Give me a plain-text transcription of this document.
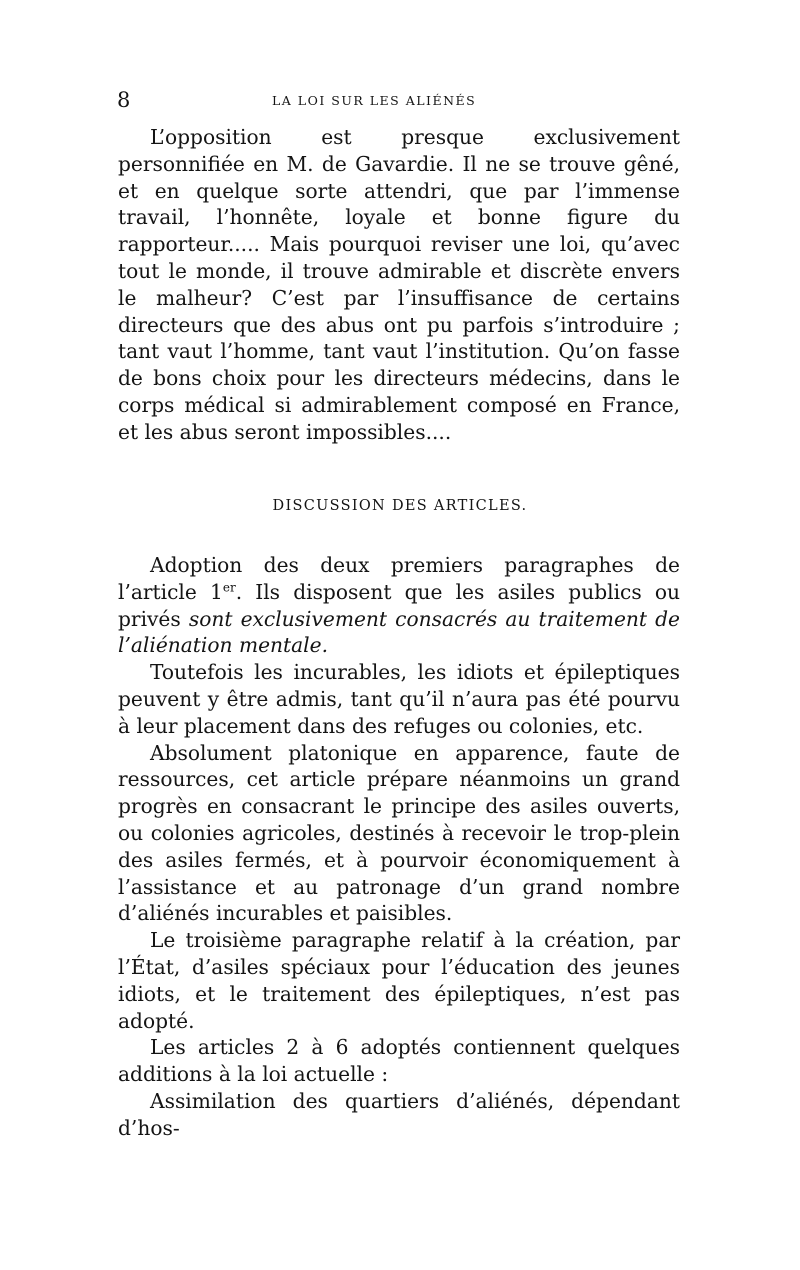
8	LA LOI SUR LES ALIÉNÉS

L’opposition est presque exclusivement personnifiée en M. de Gavardie. Il ne se trouve gêné, et en quelque sorte attendri, que par l’immense travail, l’honnête, loyale et bonne figure du rapporteur..... Mais pourquoi reviser une loi, qu’avec tout le monde, il trouve admirable et discrète envers le malheur? C’est par l’insuffisance de certains directeurs que des abus ont pu parfois s’introduire ; tant vaut l’homme, tant vaut l’institution. Qu’on fasse de bons choix pour les directeurs médecins, dans le corps médical si admirablement composé en France, et les abus seront impossibles....

DISCUSSION DES ARTICLES.

Adoption des deux premiers paragraphes de l’article 1er. Ils disposent que les asiles publics ou privés sont exclusivement consacrés au traitement de l’aliénation mentale.

Toutefois les incurables, les idiots et épileptiques peuvent y être admis, tant qu’il n’aura pas été pourvu à leur placement dans des refuges ou colonies, etc.

Absolument platonique en apparence, faute de ressources, cet article prépare néanmoins un grand progrès en consacrant le principe des asiles ouverts, ou colonies agricoles, destinés à recevoir le trop-plein des asiles fermés, et à pourvoir économiquement à l’assistance et au patronage d’un grand nombre d’aliénés incurables et paisibles.

Le troisième paragraphe relatif à la création, par l’État, d’asiles spéciaux pour l’éducation des jeunes idiots, et le traitement des épileptiques, n’est pas adopté.

Les articles 2 à 6 adoptés contiennent quelques additions à la loi actuelle :

Assimilation des quartiers d’aliénés, dépendant d’hos-
